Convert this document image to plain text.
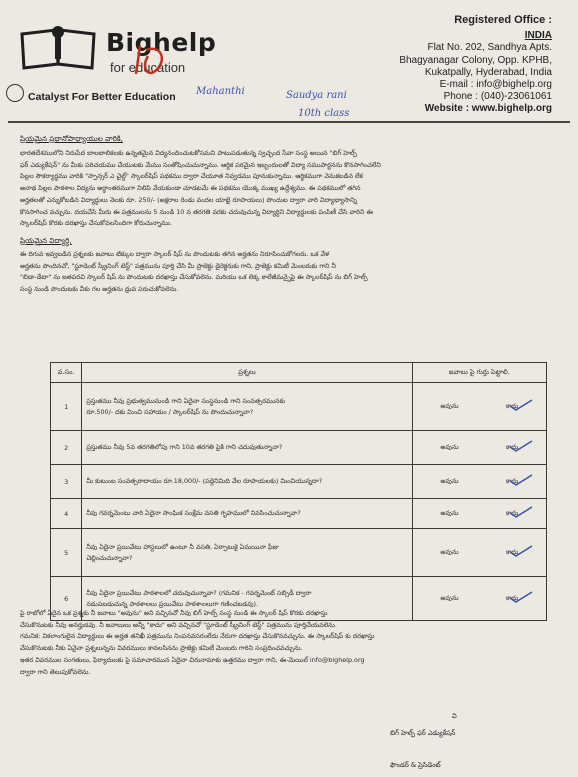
Bighelp
for education
Catalyst For Better Education Mahanthi	Saudya rani
10th class
Registered Office :
INDIA
Flat No. 202, Sandhya Apts.
Bhagyanagar Colony, Opp. KPHB,
Kukatpally, Hyderabad, India
E-mail : info@bighelp.org
Phone : (040)-23061061
Website : www.bighelp.org
ప్రియమైన ప్రధానోపాధ్యాయుల వారికి,
భారతదేశములోని నిరుపేద బాలబాలికలకు ఉన్నతమైన విద్యనందించుటకోసమని పాటుపడుతున్న స్వచ్ఛంద సేవా సంస్థ అయిన "బిగ్ హెల్ప్
ఫర్ ఎడ్యుకేషన్" ను మీకు పరిచయము చేయుటకు మేము సంతోషించుచున్నాము. ఆర్థిక పరమైన ఇబ్బందులతో విద్యా సముపార్జనను కొనసాగించలేని
పిల్లల సౌకర్యార్థము వారికి "స్పాన్సర్ ఎ చైల్డ్" స్కాలర్‌షిప్ పథకము ద్వారా చేయూత నివ్వడము పూనుకున్నాము. ఆర్థికముగా వెనుకబడిన లేక
అనాథ పిల్లల పాఠశాల విద్యను అర్థాంతరముగా నిలిపి వేయకుండా చూడటమే ఈ పథకము యొక్క ముఖ్య ఉద్దేశ్యము. ఈ పథకములో తగిన
అర్హతలతో ఎన్నుకోబడిన విద్యార్థులు నెలకు రూ. 250/- (అక్షరాల రెండు వందల యాభై రూపాయలు) పొందుట ద్వారా వారి విద్యాభ్యాసాన్ని
కొనసాగించ వచ్చును. దయచేసి మీరు ఈ పత్రములను 5 నుండి 10 వ తరగతి వరకు చదువుచున్న విద్యార్థిని విద్యార్థులకు పంపిణీ చేసి వారిని ఈ
స్కాలర్‌షిప్ కొరకు దరఖాస్తు చేసుకోవలసిందిగా కోరుచున్నాము.
ప్రియమైన విద్యార్థి,
ఈ దిగువ ఇవ్వబడిన ప్రశ్నలకు జవాబు టిక్కుల ద్వారా స్కాలర్ షిప్ ను పొందుటకు తగిన అర్హతను నిరూపించుకోగలరు. ఒక వేళ
అర్హతను పొందినచో, "స్టూడెంట్ స్క్రీనింగ్ టెస్ట్" పత్రమును పూర్తి చేసి మీ ప్రాజెక్టు డైరెక్టరుకు గాని, ప్రాజెక్టు కమిటీ మెంబరుకు గాని నీ
"బిడా-డేటా" ను జతపరచి స్కాలర్ షిప్ ను పొందుటకు దరఖాస్తు చేసుకోవలెను. మరియు ఒక లెక్క కాలేజీమన్నైపై ఈ స్కాలర్‌షిప్ ను బిగ్ హెల్ప్
సంస్థ నుండి పొందుటకు వీకు గల అర్హతను ధ్రువ పరుచుకోవలెను.
వ.సం.	ప్రశ్నలు	జవాబు పై గుర్తు పెట్టాలి.
1	ప్రస్తుతము నీవు ప్రభుత్వమునుండి గాని ఏదైనా సంస్థనుండి గాని సంవత్సరమునకు
రూ.500/- దకు మించి సహాయం / స్కాలర్‌షిప్ ను పొందుచున్నావా?	అవును కాదు

2	ప్రస్తుతము నీవు 5వ తరగతిలోపు గాని 10వ తరగతి పైకి గాని చదువుతున్నావా?	అవును కాదు

3	మీ కుటుంబ సంవత్సరాదాయం రూ.18,000/- (పద్దెనిమిది వేల రూపాయలకు) మించియున్నదా?	అవును కాదు

4	నీవు గవర్నమెంటు వారి ఏదైనా సాంఘిక సంక్షేమ వసతి గృహములో నివసించుచున్నావా?	అవును కాదు

5	నీవు ఏదైనా ప్రయివేటు హాస్టలులో ఉంటూ నీ వసతి, ఏర్పాటుకై ఏమయినా ఫీజు
చెల్లించుచున్నావా?	అవును కాదు

6	నీవు ఏదైనా ప్రయివేటు పాఠశాలలో చదువుచున్నావా? (గమనిక - గవర్నమెంట్ సబ్సిడీ ద్వారా
నడుపబడుచున్న పాఠశాలలు ప్రయివేటు పాఠశాలలుగా గణించబడవు).	అవును కాదు
పై రాబోలో ఏదైన ఒక ప్రశ్నకు నీ జవాబు "అవును" అని వచ్చినచో నీవు బిగ్ హెల్ప్ సంస్థ నుండి ఈ స్కాలర్ షిప్ కొరకు దరఖాస్తు
చేసుకొనుటకు నీవు అనర్హుడవు. నీ జవాబులు అన్నీ "కాదు" అని వచ్చినచో "స్టూడెంట్ స్క్రీనింగ్ టెస్ట్" పత్రమును పూర్తిచేయవలెను.
గమనిక: వికలాంగులైన విద్యార్థులు ఈ అర్హత తనిఖీ పత్రమును నింపనవసరంలేదు నేరుగా దరఖాస్తు చేసుకొనవచ్చును. ఈ స్కాలర్‌షిప్ కు దరఖాస్తు
చేసుకొనుటకు నీకు ఏవైనా ప్రశ్నలున్నను వివరములు కావలసినను ప్రాజెక్టు కమిటీ మెంబరు గారిని సంప్రదించవచ్చును.
ఇతర వివరముల సంగతులు, ఫిర్యాదులకు పై సమాచారమున ఏదైనా చిరునామాకు ఉత్తరము ద్వారా గాని, ఈ-మెయిల్ info@bighelp.org
ద్వారా గాని తెలుపుకోవలెను.
వి
బిగ్ హెల్ప్ ఫర్ ఎడ్యుకేషన్
ఫౌండర్ & ప్రెసిడెంట్
